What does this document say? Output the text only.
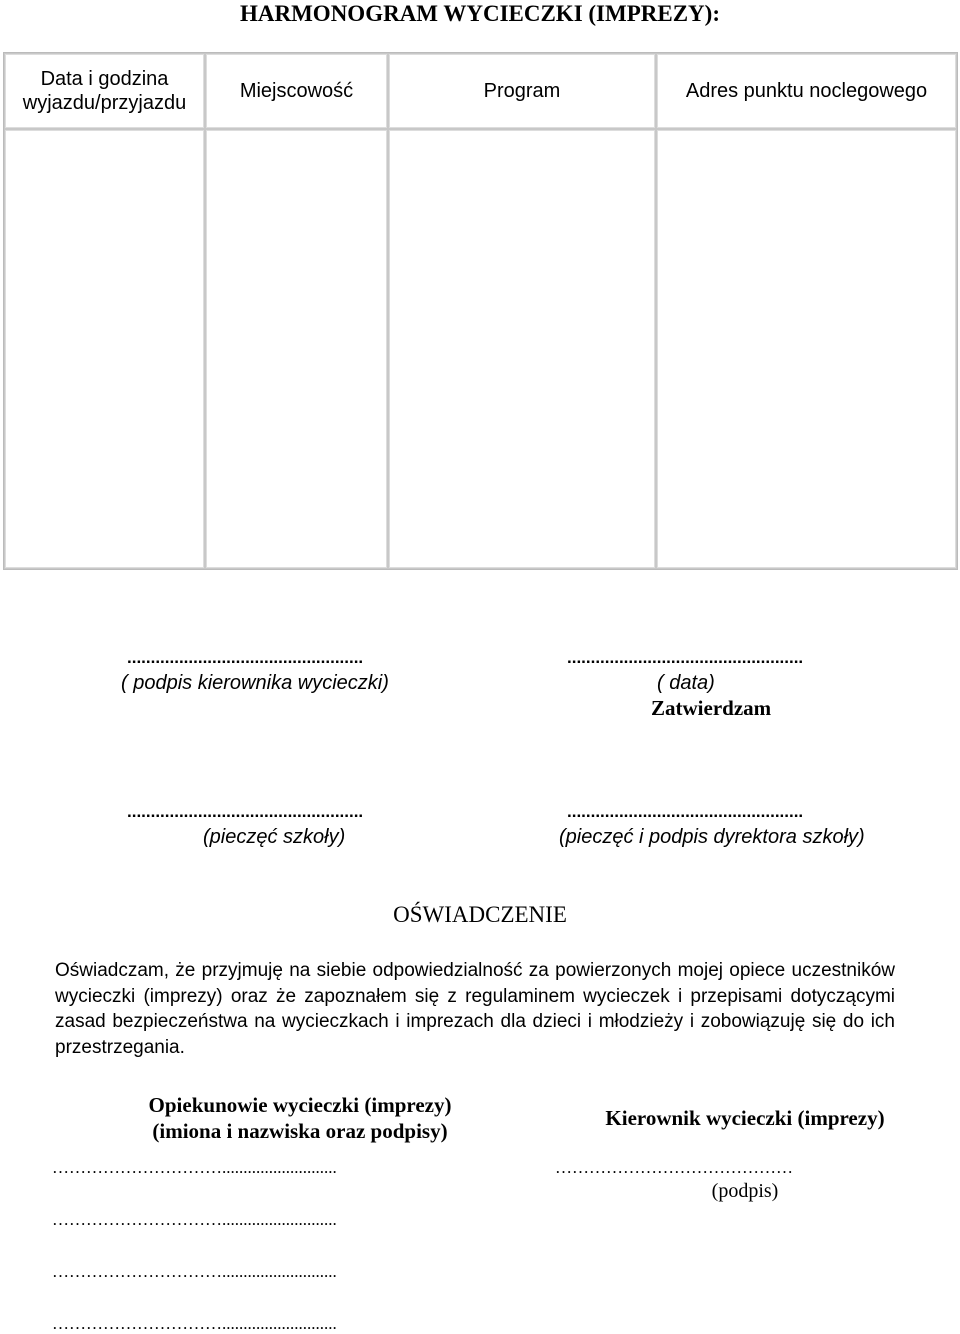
HARMONOGRAM WYCIECZKI (IMPREZY):
Data i godzina wyjazdu/przyjazdu	Miejscowość	Program	Adres punktu noclegowego

..................................................
( podpis kierownika wycieczki)
..................................................
( data)
Zatwierdzam
..................................................
(pieczęć szkoły)
..................................................
(pieczęć i podpis dyrektora szkoły)
OŚWIADCZENIE
Oświadczam, że przyjmuję na siebie odpowiedzialność za powierzonych mojej opiece uczestników wycieczki (imprezy) oraz że zapoznałem się z regulaminem wycieczek i przepisami dotyczącymi zasad bezpieczeństwa na wycieczkach i imprezach dla dzieci i młodzieży i zobowiązuję się do ich przestrzegania.
Opiekunowie wycieczki (imprezy)
(imiona i nazwiska oraz podpisy)
…………………………...........................
…………………………...........................
…………………………...........................
…………………………...........................
Kierownik wycieczki (imprezy)
……………………………………
(podpis)
